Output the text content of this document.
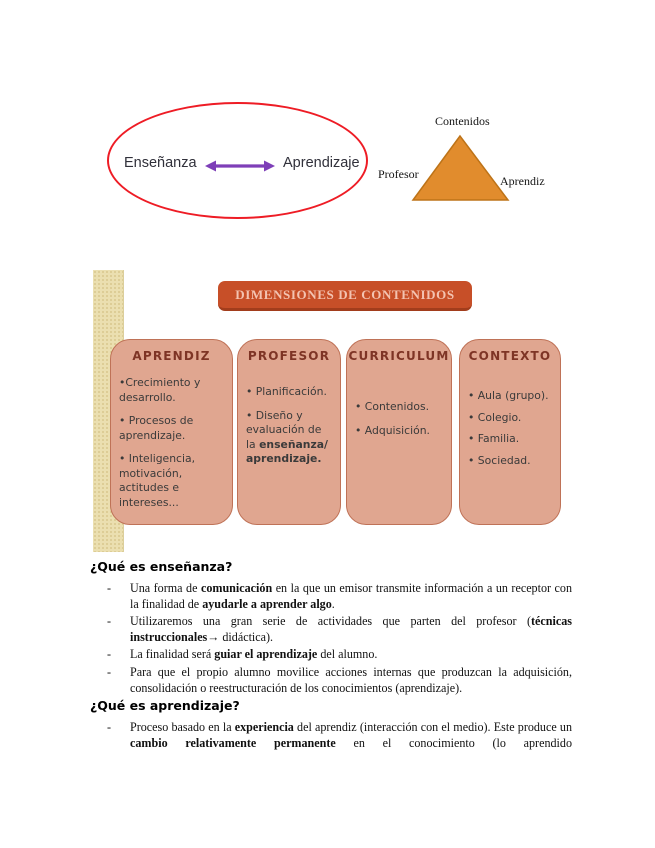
Enseñanza	Aprendizaje
Contenidos
Profesor	Aprendiz
DIMENSIONES DE CONTENIDOS
APRENDIZ

•Crecimiento y desarrollo.

• Procesos de aprendizaje.

• Inteligencia, motivación, actitudes e intereses...

PROFESOR

• Planificación.

• Diseño y evaluación de la enseñanza/ aprendizaje.

CURRICULUM

• Contenidos.

• Adquisición.

CONTEXTO

• Aula (grupo).

• Colegio.

• Familia.

• Sociedad.

¿Qué es enseñanza?
-	Una forma de comunicación en la que un emisor transmite información a un receptor con la finalidad de ayudarle a aprender algo.
-	Utilizaremos una gran serie de actividades que parten del profesor (técnicas instruccionales→ didáctica).
-	La finalidad será guiar el aprendizaje del alumno.
-	Para que el propio alumno movilice acciones internas que produzcan la adquisición, consolidación o reestructuración de los conocimientos (aprendizaje).
¿Qué es aprendizaje?
-	Proceso basado en la experiencia del aprendiz (interacción con el medio). Este produce un cambio relativamente permanente en el conocimiento (lo aprendido
